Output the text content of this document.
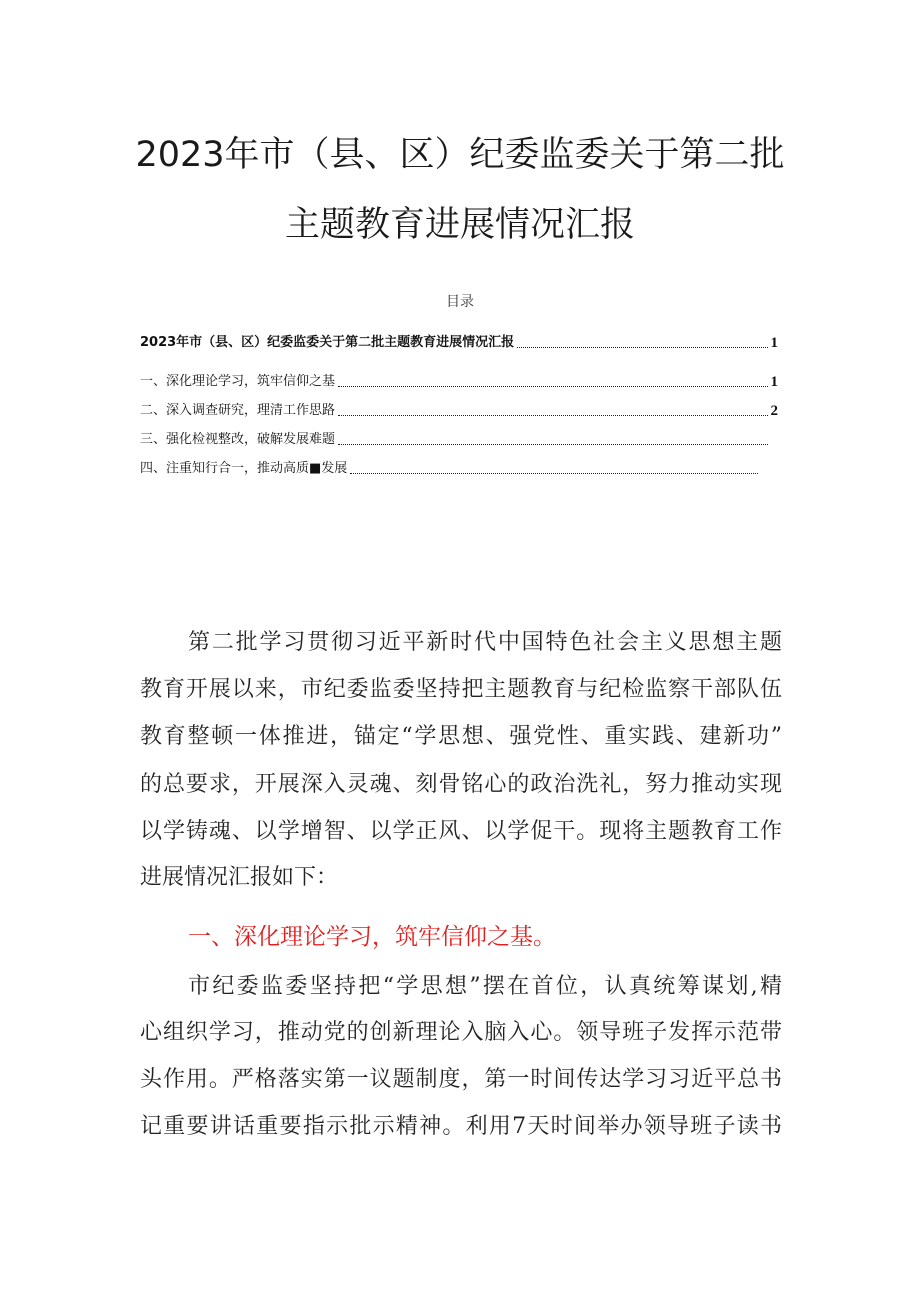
2023年市（县、区）纪委监委关于第二批
主题教育进展情况汇报
目录
2023年市（县、区）纪委监委关于第二批主题教育进展情况汇报	1
一、深化理论学习，筑牢信仰之基	1
二、深入调查研究，理清工作思路	2
三、强化检视整改，破解发展难题
四、注重知行合一，推动高质■发展
第二批学习贯彻习近平新时代中国特色社会主义思想主题
教育开展以来，市纪委监委坚持把主题教育与纪检监察干部队伍
教育整顿一体推进，锚定“学思想、强党性、重实践、建新功”
的总要求，开展深入灵魂、刻骨铭心的政治洗礼，努力推动实现
以学铸魂、以学增智、以学正风、以学促干。现将主题教育工作
进展情况汇报如下：
一、深化理论学习，筑牢信仰之基。
市纪委监委坚持把“学思想”摆在首位，认真统筹谋划,精
心组织学习，推动党的创新理论入脑入心。领导班子发挥示范带
头作用。严格落实第一议题制度，第一时间传达学习习近平总书
记重要讲话重要指示批示精神。利用7天时间举办领导班子读书
